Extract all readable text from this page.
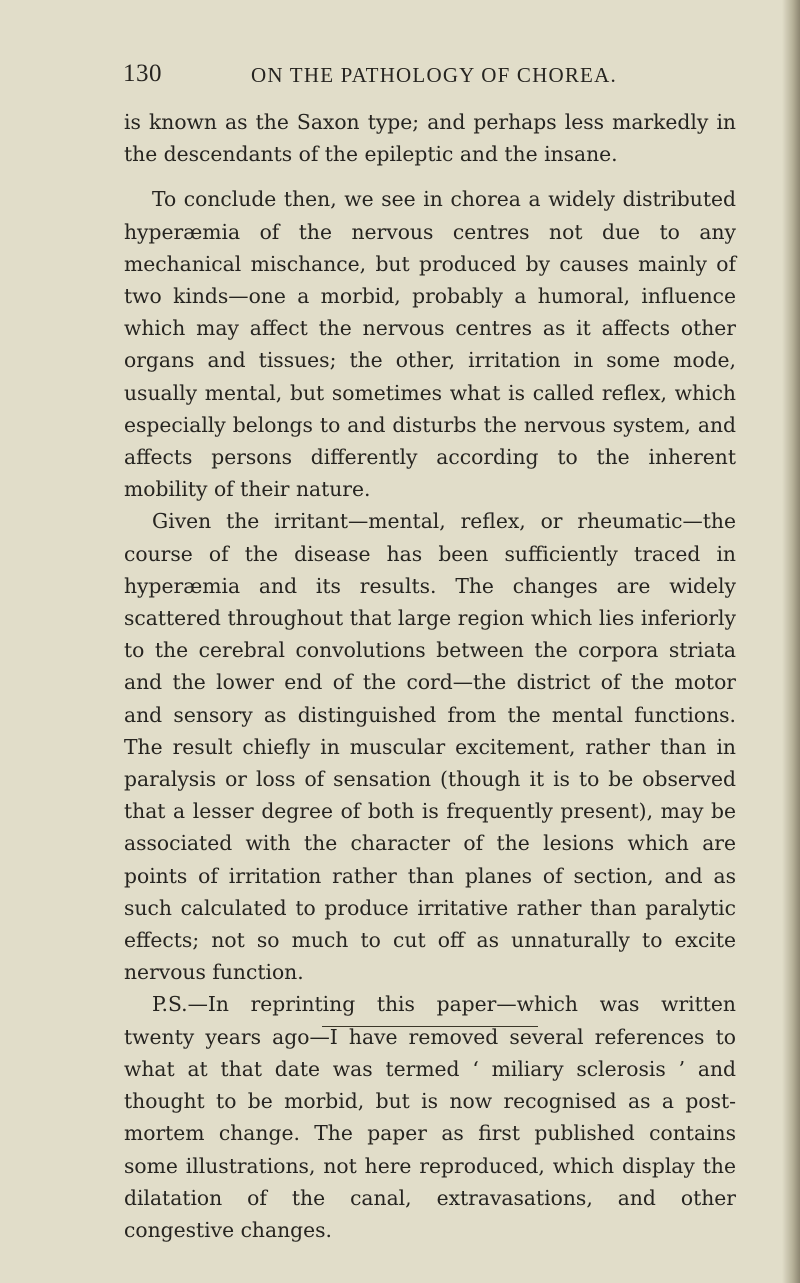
130	ON THE PATHOLOGY OF CHOREA.

is known as the Saxon type; and perhaps less markedly in the descendants of the epileptic and the insane.

To conclude then, we see in chorea a widely distributed hyperæmia of the nervous centres not due to any mechanical mischance, but produced by causes mainly of two kinds—one a morbid, probably a humoral, influence which may affect the nervous centres as it affects other organs and tissues; the other, irritation in some mode, usually mental, but sometimes what is called reflex, which especially belongs to and disturbs the nervous system, and affects persons differently according to the inherent mobility of their nature.

Given the irritant—mental, reflex, or rheumatic—the course of the disease has been sufficiently traced in hyperæmia and its results. The changes are widely scattered throughout that large region which lies inferiorly to the cerebral convolutions between the corpora striata and the lower end of the cord—the district of the motor and sensory as distinguished from the mental functions. The result chiefly in muscular excitement, rather than in paralysis or loss of sensation (though it is to be observed that a lesser degree of both is frequently present), may be associated with the character of the lesions which are points of irritation rather than planes of section, and as such calculated to produce irritative rather than paralytic effects; not so much to cut off as unnaturally to excite nervous function.

P.S.—In reprinting this paper—which was written twenty years ago—I have removed several references to what at that date was termed ‘ miliary sclerosis ’ and thought to be morbid, but is now recognised as a post-mortem change. The paper as first published contains some illustrations, not here reproduced, which display the dilatation of the canal, extravasations, and other congestive changes.
